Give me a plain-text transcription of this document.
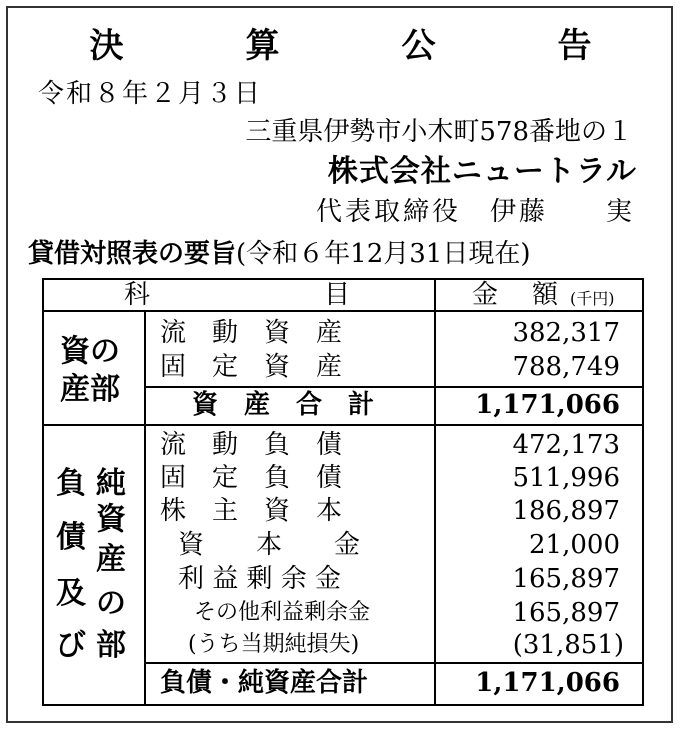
決　算　公　告
令和８年２月３日
三重県伊勢市小木町578番地の１
株式会社ニュートラル
代表取締役　伊藤　　実
貸借対照表の要旨(令和６年12月31日現在)
科	目	金　額 (千円)
資の
産部
流　動　資　産	382,317
固　定　資　産	788,749
資　産　合　計	1,171,066
負
債
及
び
純
資
産
の
部
流　動　負　債	472,173
固　定　負　債	511,996
株　主　資　本	186,897
資　　本　　金	21,000
利 益 剰 余 金	165,897
その他利益剰余金	165,897
(うち当期純損失)	(31,851)
負債・純資産合計	1,171,066
